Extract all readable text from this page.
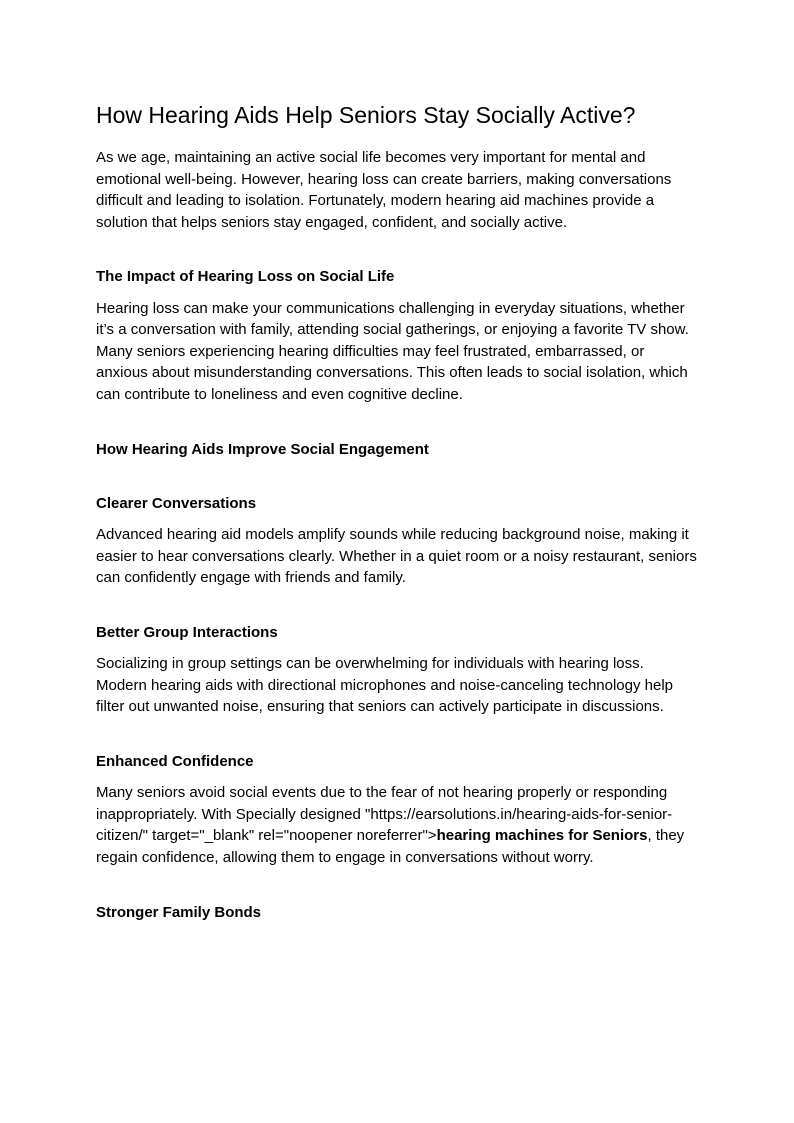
How Hearing Aids Help Seniors Stay Socially Active?

As we age, maintaining an active social life becomes very important for mental and emotional well-being. However, hearing loss can create barriers, making conversations difficult and leading to isolation. Fortunately, modern hearing aid machines provide a solution that helps seniors stay engaged, confident, and socially active.

The Impact of Hearing Loss on Social Life

Hearing loss can make your communications challenging in everyday situations, whether it’s a conversation with family, attending social gatherings, or enjoying a favorite TV show. Many seniors experiencing hearing difficulties may feel frustrated, embarrassed, or anxious about misunderstanding conversations. This often leads to social isolation, which can contribute to loneliness and even cognitive decline.

How Hearing Aids Improve Social Engagement
Clearer Conversations

Advanced hearing aid models amplify sounds while reducing background noise, making it easier to hear conversations clearly. Whether in a quiet room or a noisy restaurant, seniors can confidently engage with friends and family.

Better Group Interactions

Socializing in group settings can be overwhelming for individuals with hearing loss. Modern hearing aids with directional microphones and noise-canceling technology help filter out unwanted noise, ensuring that seniors can actively participate in discussions.

Enhanced Confidence

Many seniors avoid social events due to the fear of not hearing properly or responding inappropriately. With Specially designed "https://earsolutions.in/hearing-aids-for-senior-citizen/" target="_blank" rel="noopener noreferrer">hearing machines for Seniors, they regain confidence, allowing them to engage in conversations without worry.

Stronger Family Bonds
